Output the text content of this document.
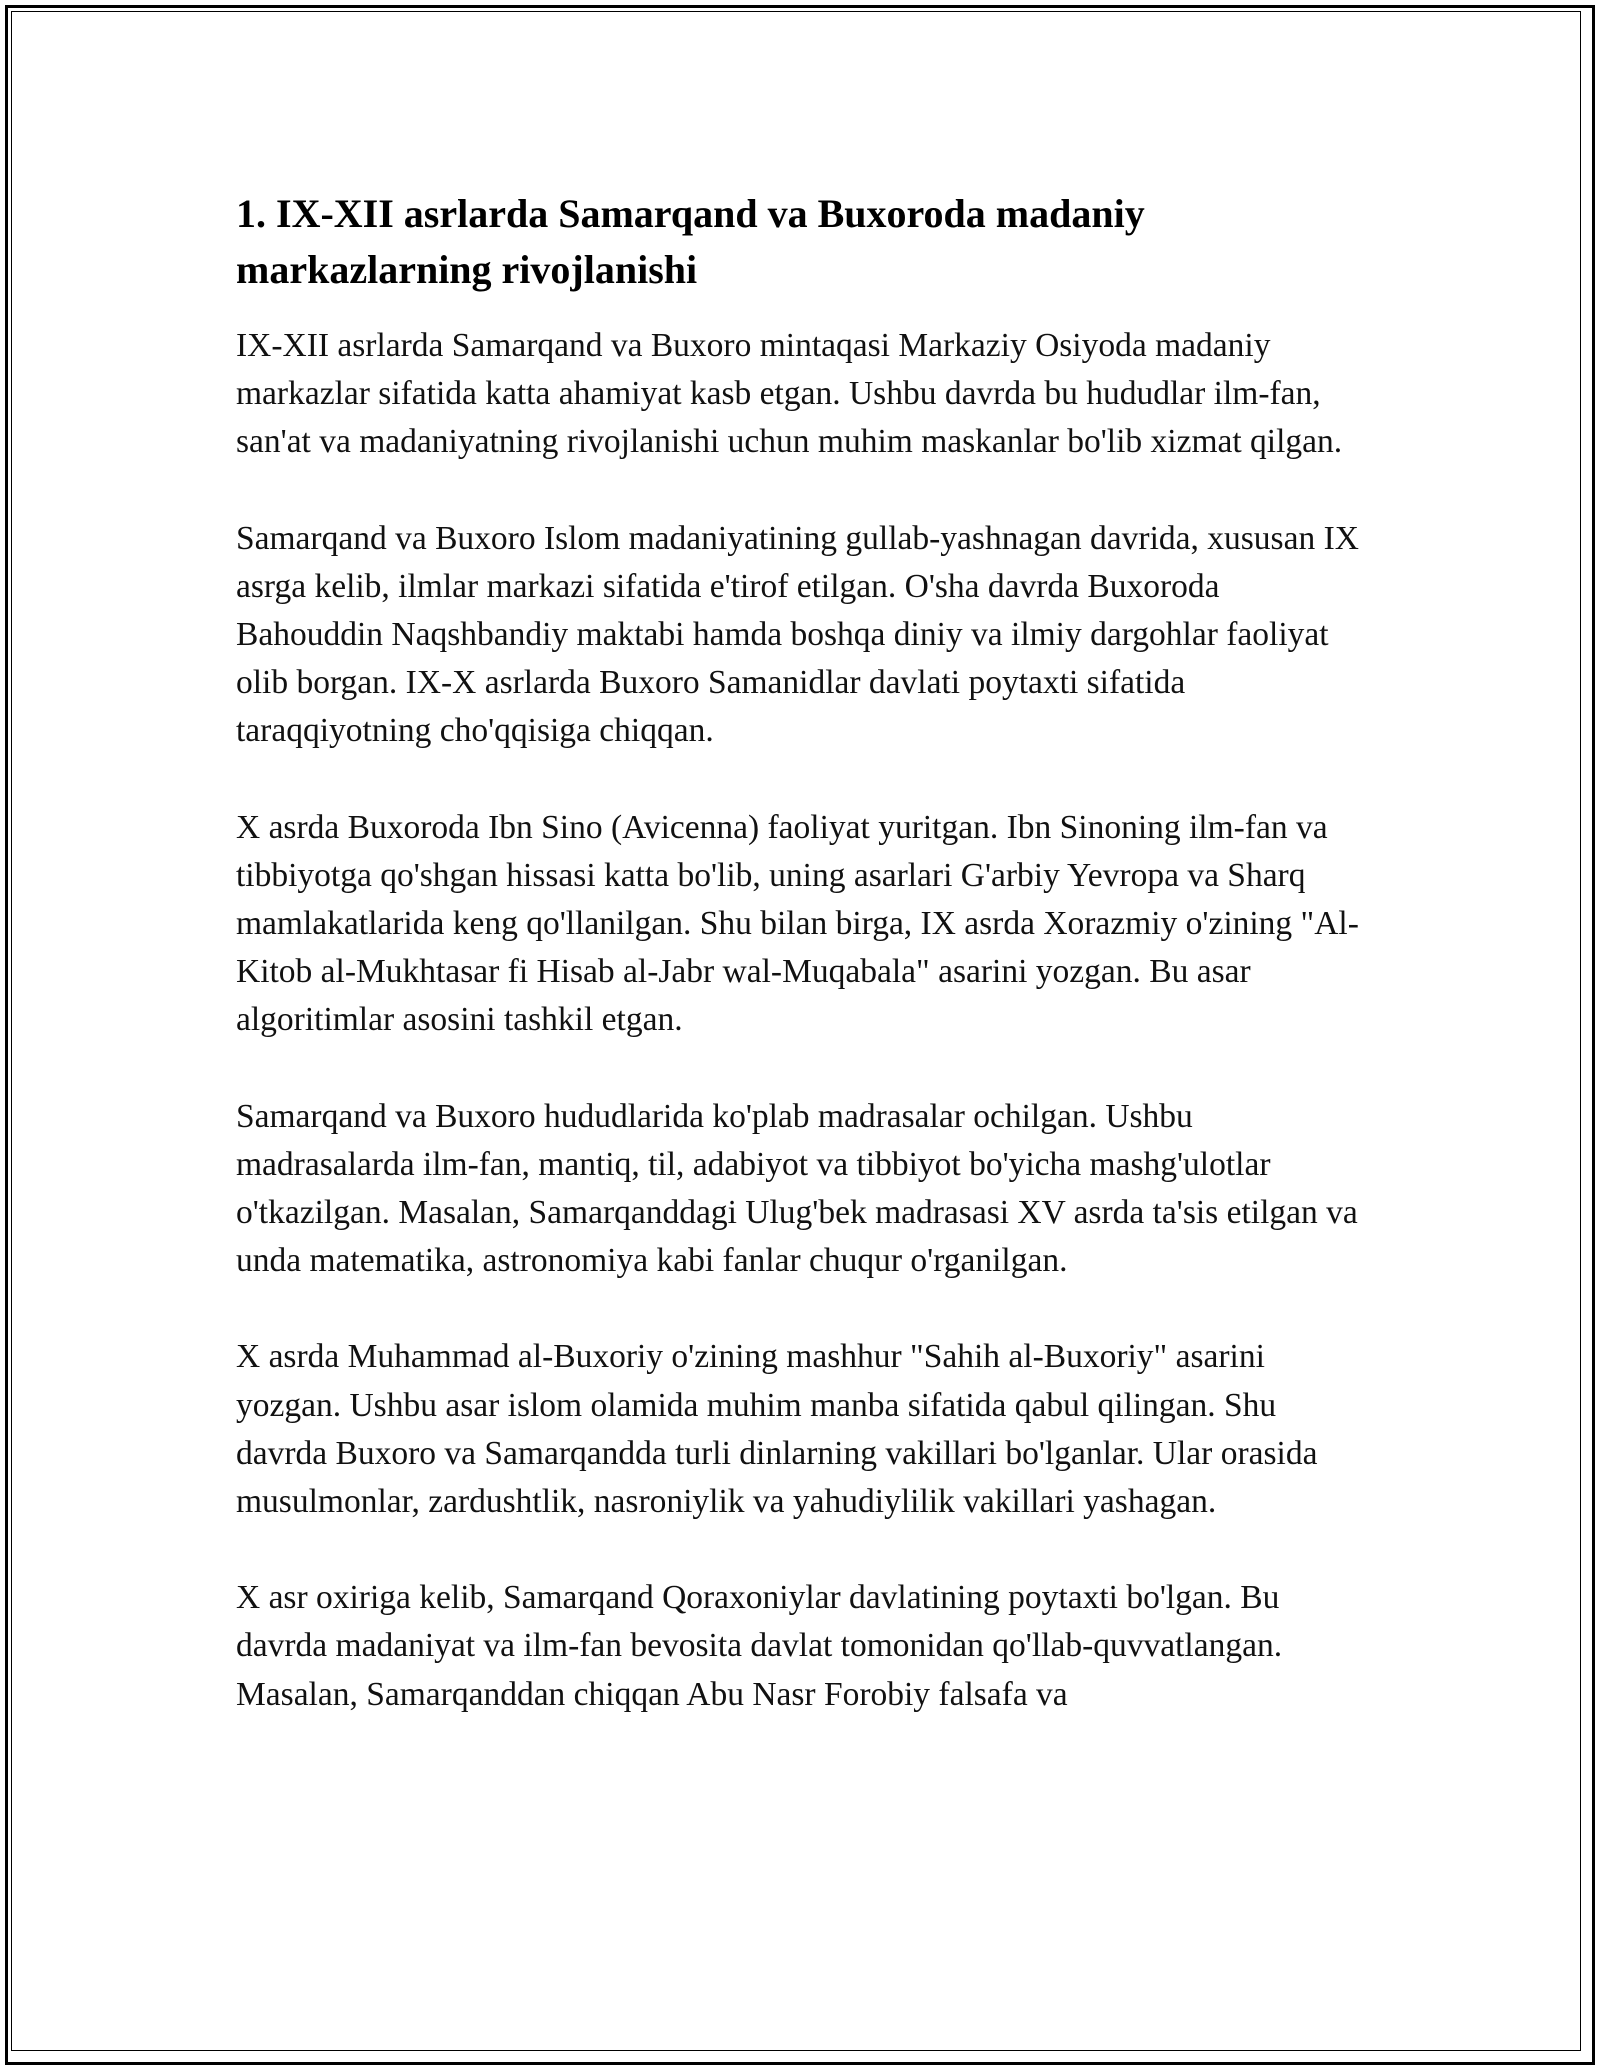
1. IX-XII asrlarda Samarqand va Buxoroda madaniy markazlarning rivojlanishi

IX-XII asrlarda Samarqand va Buxoro mintaqasi Markaziy Osiyoda madaniy markazlar sifatida katta ahamiyat kasb etgan. Ushbu davrda bu hududlar ilm-fan, san'at va madaniyatning rivojlanishi uchun muhim maskanlar bo'lib xizmat qilgan.

Samarqand va Buxoro Islom madaniyatining gullab-yashnagan davrida, xususan IX asrga kelib, ilmlar markazi sifatida e'tirof etilgan. O'sha davrda Buxoroda Bahouddin Naqshbandiy maktabi hamda boshqa diniy va ilmiy dargohlar faoliyat olib borgan. IX-X asrlarda Buxoro Samanidlar davlati poytaxti sifatida taraqqiyotning cho'qqisiga chiqqan.

X asrda Buxoroda Ibn Sino (Avicenna) faoliyat yuritgan. Ibn Sinoning ilm-fan va tibbiyotga qo'shgan hissasi katta bo'lib, uning asarlari G'arbiy Yevropa va Sharq mamlakatlarida keng qo'llanilgan. Shu bilan birga, IX asrda Xorazmiy o'zining "Al-Kitob al-Mukhtasar fi Hisab al-Jabr wal-Muqabala" asarini yozgan. Bu asar algoritimlar asosini tashkil etgan.

Samarqand va Buxoro hududlarida ko'plab madrasalar ochilgan. Ushbu madrasalarda ilm-fan, mantiq, til, adabiyot va tibbiyot bo'yicha mashg'ulotlar o'tkazilgan. Masalan, Samarqanddagi Ulug'bek madrasasi XV asrda ta'sis etilgan va unda matematika, astronomiya kabi fanlar chuqur o'rganilgan.

X asrda Muhammad al-Buxoriy o'zining mashhur "Sahih al-Buxoriy" asarini yozgan. Ushbu asar islom olamida muhim manba sifatida qabul qilingan. Shu davrda Buxoro va Samarqandda turli dinlarning vakillari bo'lganlar. Ular orasida musulmonlar, zardushtlik, nasroniylik va yahudiylilik vakillari yashagan.

X asr oxiriga kelib, Samarqand Qoraxoniylar davlatining poytaxti bo'lgan. Bu davrda madaniyat va ilm-fan bevosita davlat tomonidan qo'llab-quvvatlangan. Masalan, Samarqanddan chiqqan Abu Nasr Forobiy falsafa va
